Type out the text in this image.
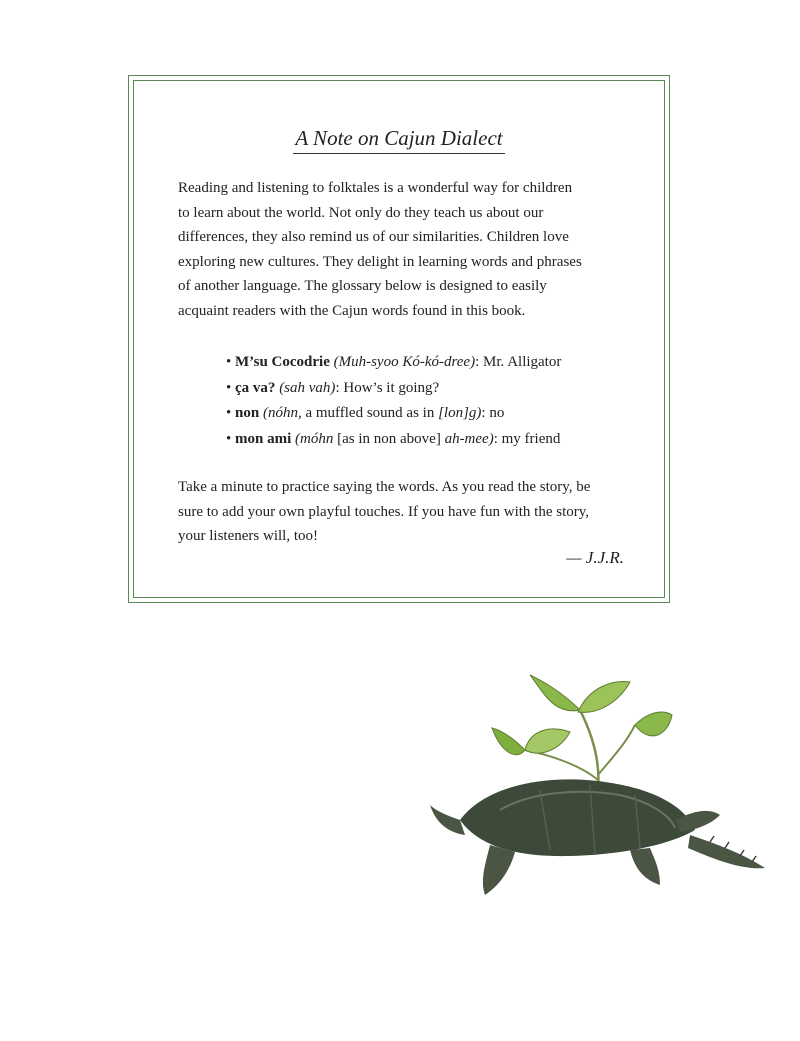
A Note on Cajun Dialect
Reading and listening to folktales is a wonderful way for children
to learn about the world. Not only do they teach us about our
differences, they also remind us of our similarities. Children love
exploring new cultures. They delight in learning words and phrases
of another language. The glossary below is designed to easily
acquaint readers with the Cajun words found in this book.
• M’su Cocodrie (Muh-syoo Kó-kó-dree): Mr. Alligator
• ça va? (sah vah): How’s it going?
• non (nóhn, a muffled sound as in [lon]g): no
• mon ami (móhn [as in non above] ah-mee): my friend
Take a minute to practice saying the words. As you read the story, be
sure to add your own playful touches. If you have fun with the story,
your listeners will, too!
— J.J.R.
